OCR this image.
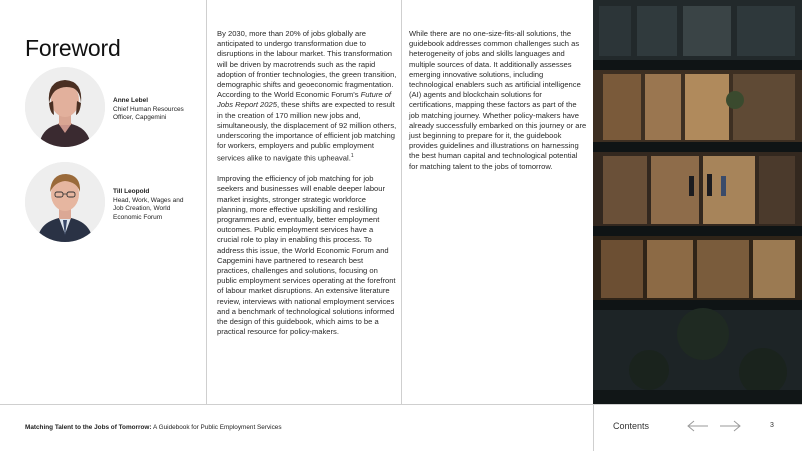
Foreword
Anne Lebel
Chief Human Resources Officer, Capgemini
Till Leopold
Head, Work, Wages and Job Creation, World Economic Forum

By 2030, more than 20% of jobs globally are anticipated to undergo transformation due to disruptions in the labour market. This transformation will be driven by macrotrends such as the rapid adoption of frontier technologies, the green transition, demographic shifts and geoeconomic fragmentation. According to the World Economic Forum’s Future of Jobs Report 2025, these shifts are expected to result in the creation of 170 million new jobs and, simultaneously, the displacement of 92 million others, underscoring the importance of efficient job matching for workers, employers and public employment services alike to navigate this upheaval.$^1$

Improving the efficiency of job matching for job seekers and businesses will enable deeper labour market insights, stronger strategic workforce planning, more effective upskilling and reskilling programmes and, eventually, better employment outcomes. Public employment services have a crucial role to play in enabling this process. To address this issue, the World Economic Forum and Capgemini have partnered to research best practices, challenges and solutions, focusing on public employment services operating at the forefront of labour market disruptions. An extensive literature review, interviews with national employment services and a benchmark of technological solutions informed the design of this guidebook, which aims to be a practical resource for policy-makers.

While there are no one-size-fits-all solutions, the guidebook addresses common challenges such as heterogeneity of jobs and skills languages and multiple sources of data. It additionally assesses emerging innovative solutions, including technological enablers such as artificial intelligence (AI) agents and blockchain solutions for certifications, mapping these factors as part of the job matching journey. Whether policy-makers have already successfully embarked on this journey or are just beginning to prepare for it, the guidebook provides guidelines and illustrations on harnessing the best human capital and technological potential for matching talent to the jobs of tomorrow.

Matching Talent to the Jobs of Tomorrow: A Guidebook for Public Employment Services	Contents	3
